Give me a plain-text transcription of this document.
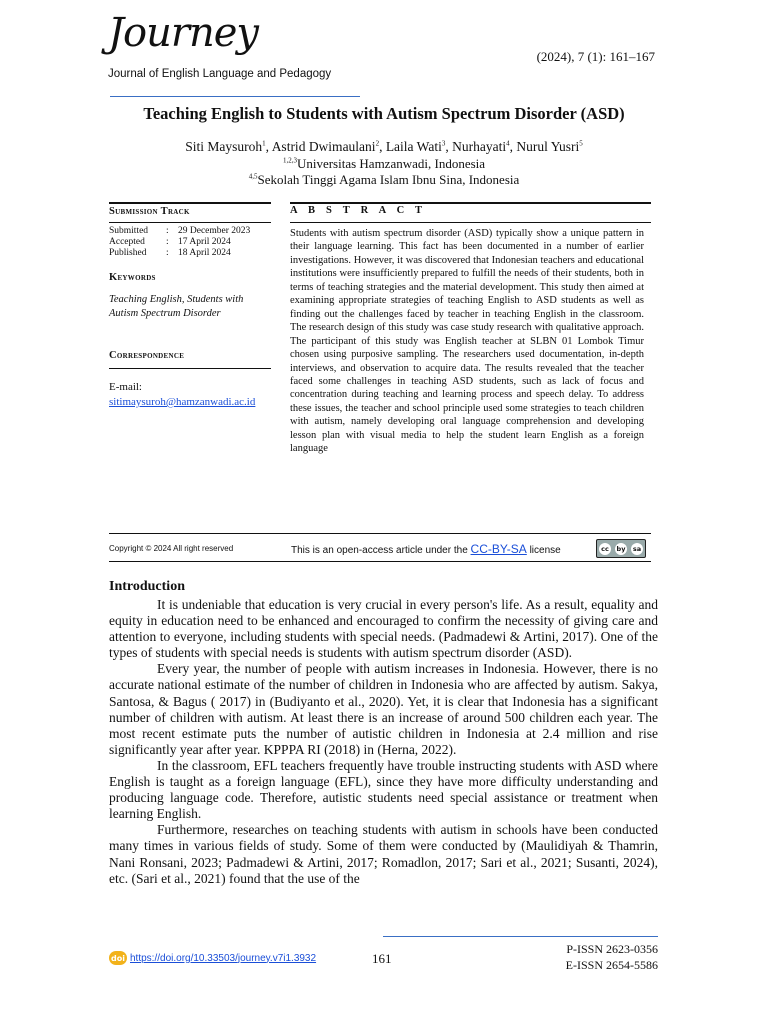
Journey
Journal of English Language and Pedagogy
(2024), 7 (1): 161–167
Teaching English to Students with Autism Spectrum Disorder (ASD)
Siti Maysuroh$^1$, Astrid Dwimaulani$^2$, Laila Wati$^3$, Nurhayati$^4$, Nurul Yusri$^5$
$^{1,2,3}$Universitas Hamzanwadi, Indonesia
$^{4,5}$Sekolah Tinggi Agama Islam Ibnu Sina, Indonesia
Submission Track
Submitted	:	29 December 2023
Accepted	:	17 April 2024
Published	:	18 April 2024
Keywords
Teaching English, Students with Autism Spectrum Disorder
Correspondence
E-mail:
sitimaysuroh@hamzanwadi.ac.id
A B S T R A C T
Students with autism spectrum disorder (ASD) typically show a unique pattern in their language learning. This fact has been documented in a number of earlier investigations. However, it was discovered that Indonesian teachers and educational institutions were insufficiently prepared to fulfill the needs of their students, both in terms of teaching strategies and the material development. This study then aimed at examining appropriate strategies of teaching English to ASD students as well as finding out the challenges faced by teacher in teaching English in the classroom. The research design of this study was case study research with qualitative approach. The participant of this study was English teacher at SLBN 01 Lombok Timur chosen using purposive sampling. The researchers used documentation, in-depth interviews, and observation to acquire data. The results revealed that the teacher faced some challenges in teaching ASD students, such as lack of focus and concentration during teaching and learning process and speech delay. To address these issues, the teacher and school principle used some strategies to teach children with autism, namely developing oral language comprehension and developing lesson plan with visual media to help the student learn English as a foreign language
Copyright © 2024 All right reserved	This is an open-access article under the CC-BY-SA license	cc	by sa
Introduction

It is undeniable that education is very crucial in every person's life. As a result, equality and equity in education need to be enhanced and encouraged to confirm the necessity of giving care and attention to everyone, including students with special needs. (Padmadewi & Artini, 2017). One of the types of students with special needs is students with autism spectrum disorder (ASD).

Every year, the number of people with autism increases in Indonesia. However, there is no accurate national estimate of the number of children in Indonesia who are affected by autism. Sakya, Santosa, & Bagus ( 2017) in (Budiyanto et al., 2020). Yet, it is clear that Indonesia has a significant number of children with autism. At least there is an increase of around 500 children each year. The most recent estimate puts the number of autistic children in Indonesia at 2.4 million and rise significantly year after year. KPPPA RI (2018) in (Herna, 2022).

In the classroom, EFL teachers frequently have trouble instructing students with ASD where English is taught as a foreign language (EFL), since they have more difficulty understanding and producing language code. Therefore, autistic students need special assistance or treatment when learning English.

Furthermore, researches on teaching students with autism in schools have been conducted many times in various fields of study. Some of them were conducted by (Maulidiyah & Thamrin, Nani Ronsani, 2023; Padmadewi & Artini, 2017; Romadlon, 2017; Sari et al., 2021; Susanti, 2024), etc. (Sari et al., 2021) found that the use of the

doi https://doi.org/10.33503/journey.v7i1.3932	161
P-ISSN 2623-0356
E-ISSN 2654-5586
